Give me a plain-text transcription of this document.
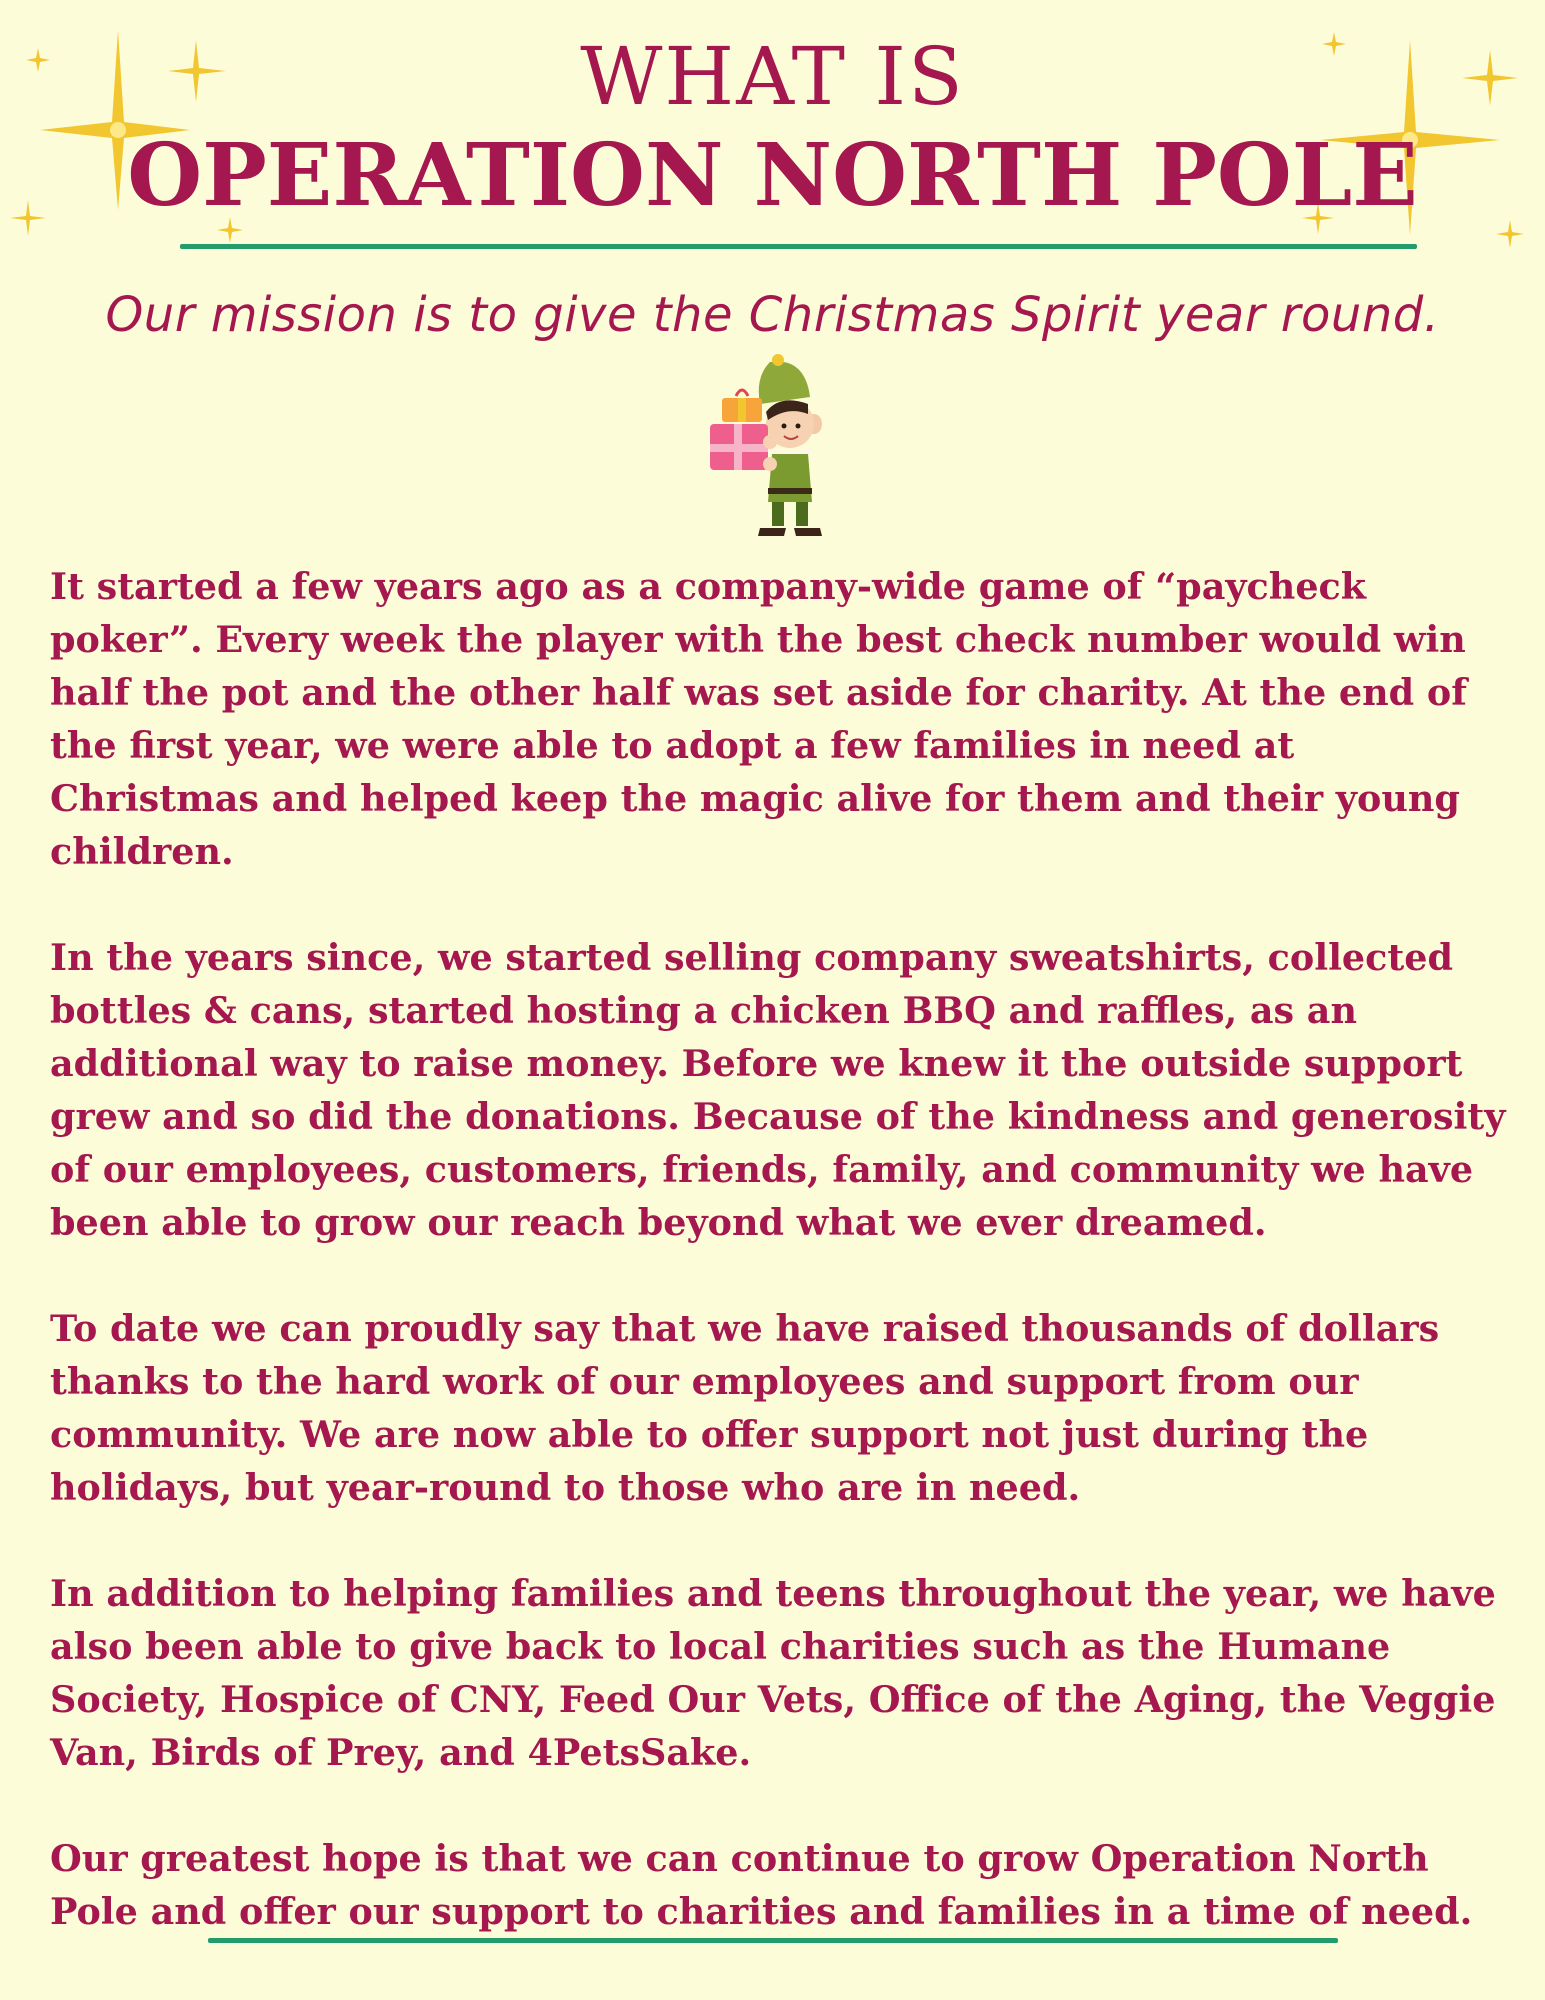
WHAT IS
OPERATION NORTH POLE

Our mission is to give the Christmas Spirit year round.

It started a few years ago as a company-wide game of “paycheck poker”. Every week the player with the best check number would win half the pot and the other half was set aside for charity. At the end of the first year, we were able to adopt a few families in need at Christmas and helped keep the magic alive for them and their young children.

In the years since, we started selling company sweatshirts, collected bottles & cans, started hosting a chicken BBQ and raffles, as an additional way to raise money. Before we knew it the outside support grew and so did the donations. Because of the kindness and generosity of our employees, customers, friends, family, and community we have been able to grow our reach beyond what we ever dreamed.

To date we can proudly say that we have raised thousands of dollars thanks to the hard work of our employees and support from our community. We are now able to offer support not just during the holidays, but year-round to those who are in need.

In addition to helping families and teens throughout the year, we have also been able to give back to local charities such as the Humane Society, Hospice of CNY, Feed Our Vets, Office of the Aging, the Veggie Van, Birds of Prey, and 4PetsSake.

Our greatest hope is that we can continue to grow Operation North Pole and offer our support to charities and families in a time of need.
